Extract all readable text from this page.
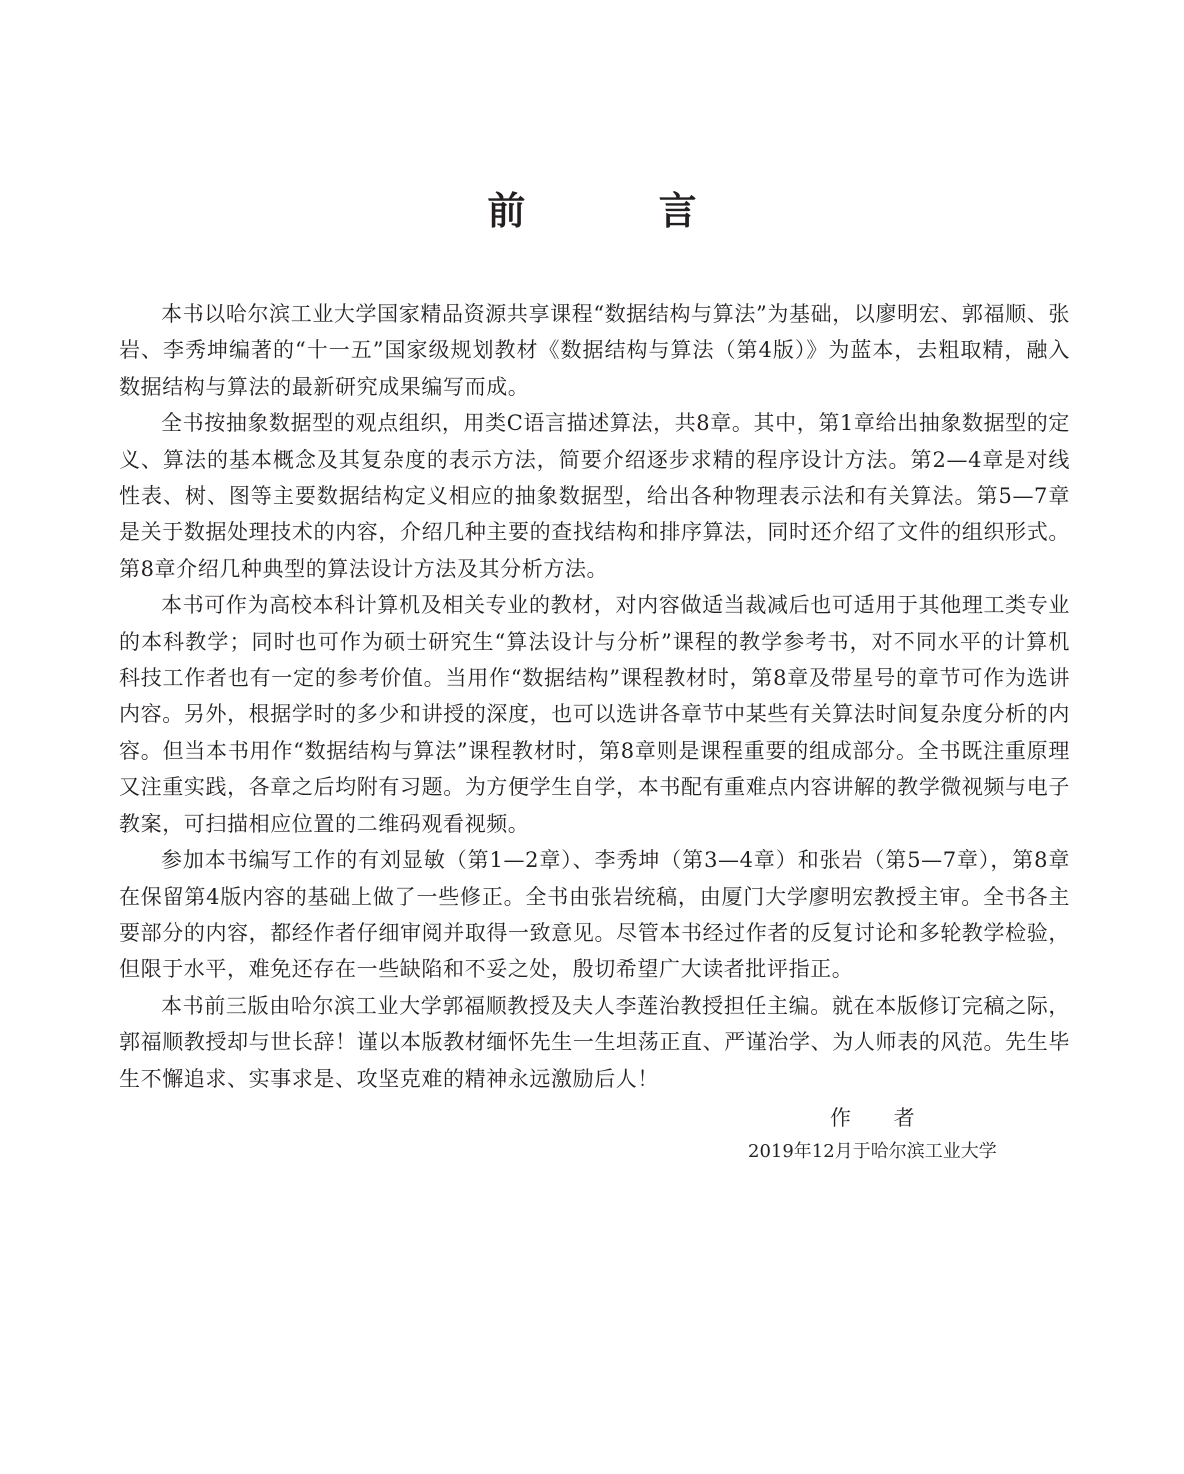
前 言

本书以哈尔滨工业大学国家精品资源共享课程“数据结构与算法”为基础，以廖明宏、郭福顺、张岩、李秀坤编著的“十一五”国家级规划教材《数据结构与算法（第4版）》为蓝本，去粗取精，融入数据结构与算法的最新研究成果编写而成。

全书按抽象数据型的观点组织，用类C语言描述算法，共8章。其中，第1章给出抽象数据型的定义、算法的基本概念及其复杂度的表示方法，简要介绍逐步求精的程序设计方法。第2—4章是对线性表、树、图等主要数据结构定义相应的抽象数据型，给出各种物理表示法和有关算法。第5—7章是关于数据处理技术的内容，介绍几种主要的查找结构和排序算法，同时还介绍了文件的组织形式。第8章介绍几种典型的算法设计方法及其分析方法。

本书可作为高校本科计算机及相关专业的教材，对内容做适当裁减后也可适用于其他理工类专业的本科教学；同时也可作为硕士研究生“算法设计与分析”课程的教学参考书，对不同水平的计算机科技工作者也有一定的参考价值。当用作“数据结构”课程教材时，第8章及带星号的章节可作为选讲内容。另外，根据学时的多少和讲授的深度，也可以选讲各章节中某些有关算法时间复杂度分析的内容。但当本书用作“数据结构与算法”课程教材时，第8章则是课程重要的组成部分。全书既注重原理又注重实践，各章之后均附有习题。为方便学生自学，本书配有重难点内容讲解的教学微视频与电子教案，可扫描相应位置的二维码观看视频。

参加本书编写工作的有刘显敏（第1—2章）、李秀坤（第3—4章）和张岩（第5—7章），第8章在保留第4版内容的基础上做了一些修正。全书由张岩统稿，由厦门大学廖明宏教授主审。全书各主要部分的内容，都经作者仔细审阅并取得一致意见。尽管本书经过作者的反复讨论和多轮教学检验，但限于水平，难免还存在一些缺陷和不妥之处，殷切希望广大读者批评指正。

本书前三版由哈尔滨工业大学郭福顺教授及夫人李莲治教授担任主编。就在本版修订完稿之际，郭福顺教授却与世长辞！谨以本版教材缅怀先生一生坦荡正直、严谨治学、为人师表的风范。先生毕生不懈追求、实事求是、攻坚克难的精神永远激励后人！

作 者
2019年12月于哈尔滨工业大学
